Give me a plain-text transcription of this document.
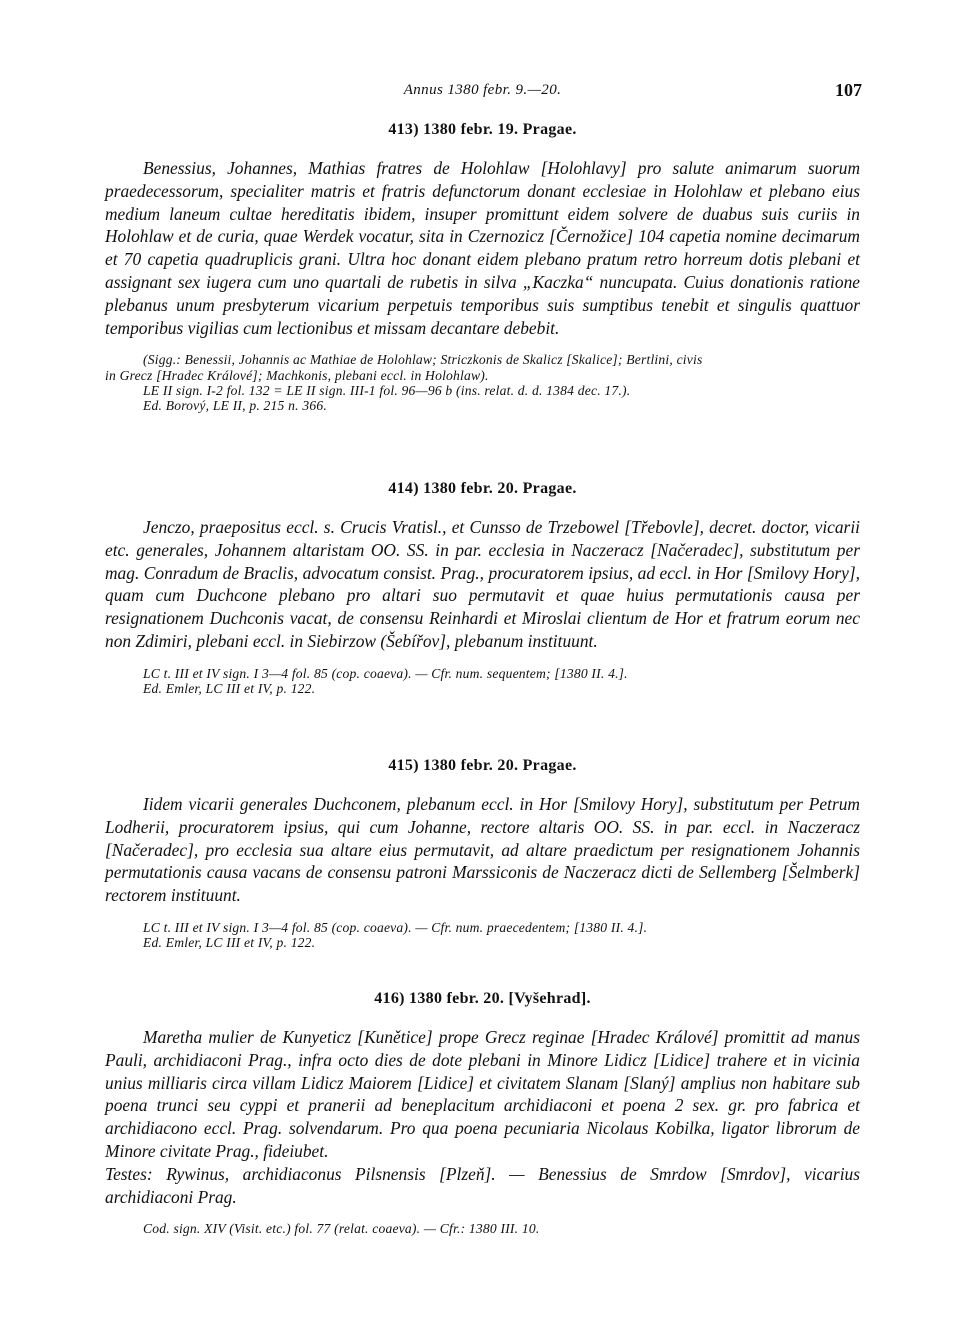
Annus 1380 febr. 9.—20.	107
413) 1380 febr. 19. Pragae.

Benessius, Johannes, Mathias fratres de Holohlaw [Holohlavy] pro salute animarum suorum praedecessorum, specialiter matris et fratris defunctorum donant ecclesiae in Holohlaw et plebano eius medium laneum cultae hereditatis ibidem, insuper promittunt eidem solvere de duabus suis curiis in Holohlaw et de curia, quae Werdek vocatur, sita in Czernozicz [Černožice] 104 capetia nomine decimarum et 70 capetia quadruplicis grani. Ultra hoc donant eidem plebano pratum retro horreum dotis plebani et assignant sex iugera cum uno quartali de rubetis in silva „Kaczka“ nuncupata. Cuius donationis ratione plebanus unum presbyterum vicarium perpetuis temporibus suis sumptibus tenebit et singulis quattuor temporibus vigilias cum lectionibus et missam decantare debebit.

(Sigg.: Benessii, Johannis ac Mathiae de Holohlaw; Striczkonis de Skalicz [Skalice]; Bertlini, civis
in Grecz [Hradec Králové]; Machkonis, plebani eccl. in Holohlaw).
LE II sign. I-2 fol. 132 = LE II sign. III-1 fol. 96—96 b (ins. relat. d. d. 1384 dec. 17.).
Ed. Borový, LE II, p. 215 n. 366.
414) 1380 febr. 20. Pragae.

Jenczo, praepositus eccl. s. Crucis Vratisl., et Cunsso de Trzebowel [Třebovle], decret. doctor, vicarii etc. generales, Johannem altaristam OO. SS. in par. ecclesia in Naczeracz [Načeradec], substitutum per mag. Conradum de Braclis, advocatum consist. Prag., procuratorem ipsius, ad eccl. in Hor [Smilovy Hory], quam cum Duchcone plebano pro altari suo permutavit et quae huius permutationis causa per resignationem Duchconis vacat, de consensu Reinhardi et Miroslai clientum de Hor et fratrum eorum nec non Zdimiri, plebani eccl. in Siebirzow (Šebířov], plebanum instituunt.

LC t. III et IV sign. I 3—4 fol. 85 (cop. coaeva). — Cfr. num. sequentem; [1380 II. 4.].
Ed. Emler, LC III et IV, p. 122.
415) 1380 febr. 20. Pragae.

Iidem vicarii generales Duchconem, plebanum eccl. in Hor [Smilovy Hory], substitutum per Petrum Lodherii, procuratorem ipsius, qui cum Johanne, rectore altaris OO. SS. in par. eccl. in Naczeracz [Načeradec], pro ecclesia sua altare eius permutavit, ad altare praedictum per resignationem Johannis permutationis causa vacans de consensu patroni Marssiconis de Naczeracz dicti de Sellemberg [Šelmberk] rectorem instituunt.

LC t. III et IV sign. I 3—4 fol. 85 (cop. coaeva). — Cfr. num. praecedentem; [1380 II. 4.].
Ed. Emler, LC III et IV, p. 122.
416) 1380 febr. 20. [Vyšehrad].

Maretha mulier de Kunyeticz [Kunětice] prope Grecz reginae [Hradec Králové] promittit ad manus Pauli, archidiaconi Prag., infra octo dies de dote plebani in Minore Lidicz [Lidice] trahere et in vicinia unius milliaris circa villam Lidicz Maiorem [Lidice] et civitatem Slanam [Slaný] amplius non habitare sub poena trunci seu cyppi et pranerii ad beneplacitum archidiaconi et poena 2 sex. gr. pro fabrica et archidiacono eccl. Prag. solvendarum. Pro qua poena pecuniaria Nicolaus Kobilka, ligator librorum de Minore civitate Prag., fideiubet.

Testes: Rywinus, archidiaconus Pilsnensis [Plzeň]. — Benessius de Smrdow [Smrdov], vicarius archidiaconi Prag.

Cod. sign. XIV (Visit. etc.) fol. 77 (relat. coaeva). — Cfr.: 1380 III. 10.
